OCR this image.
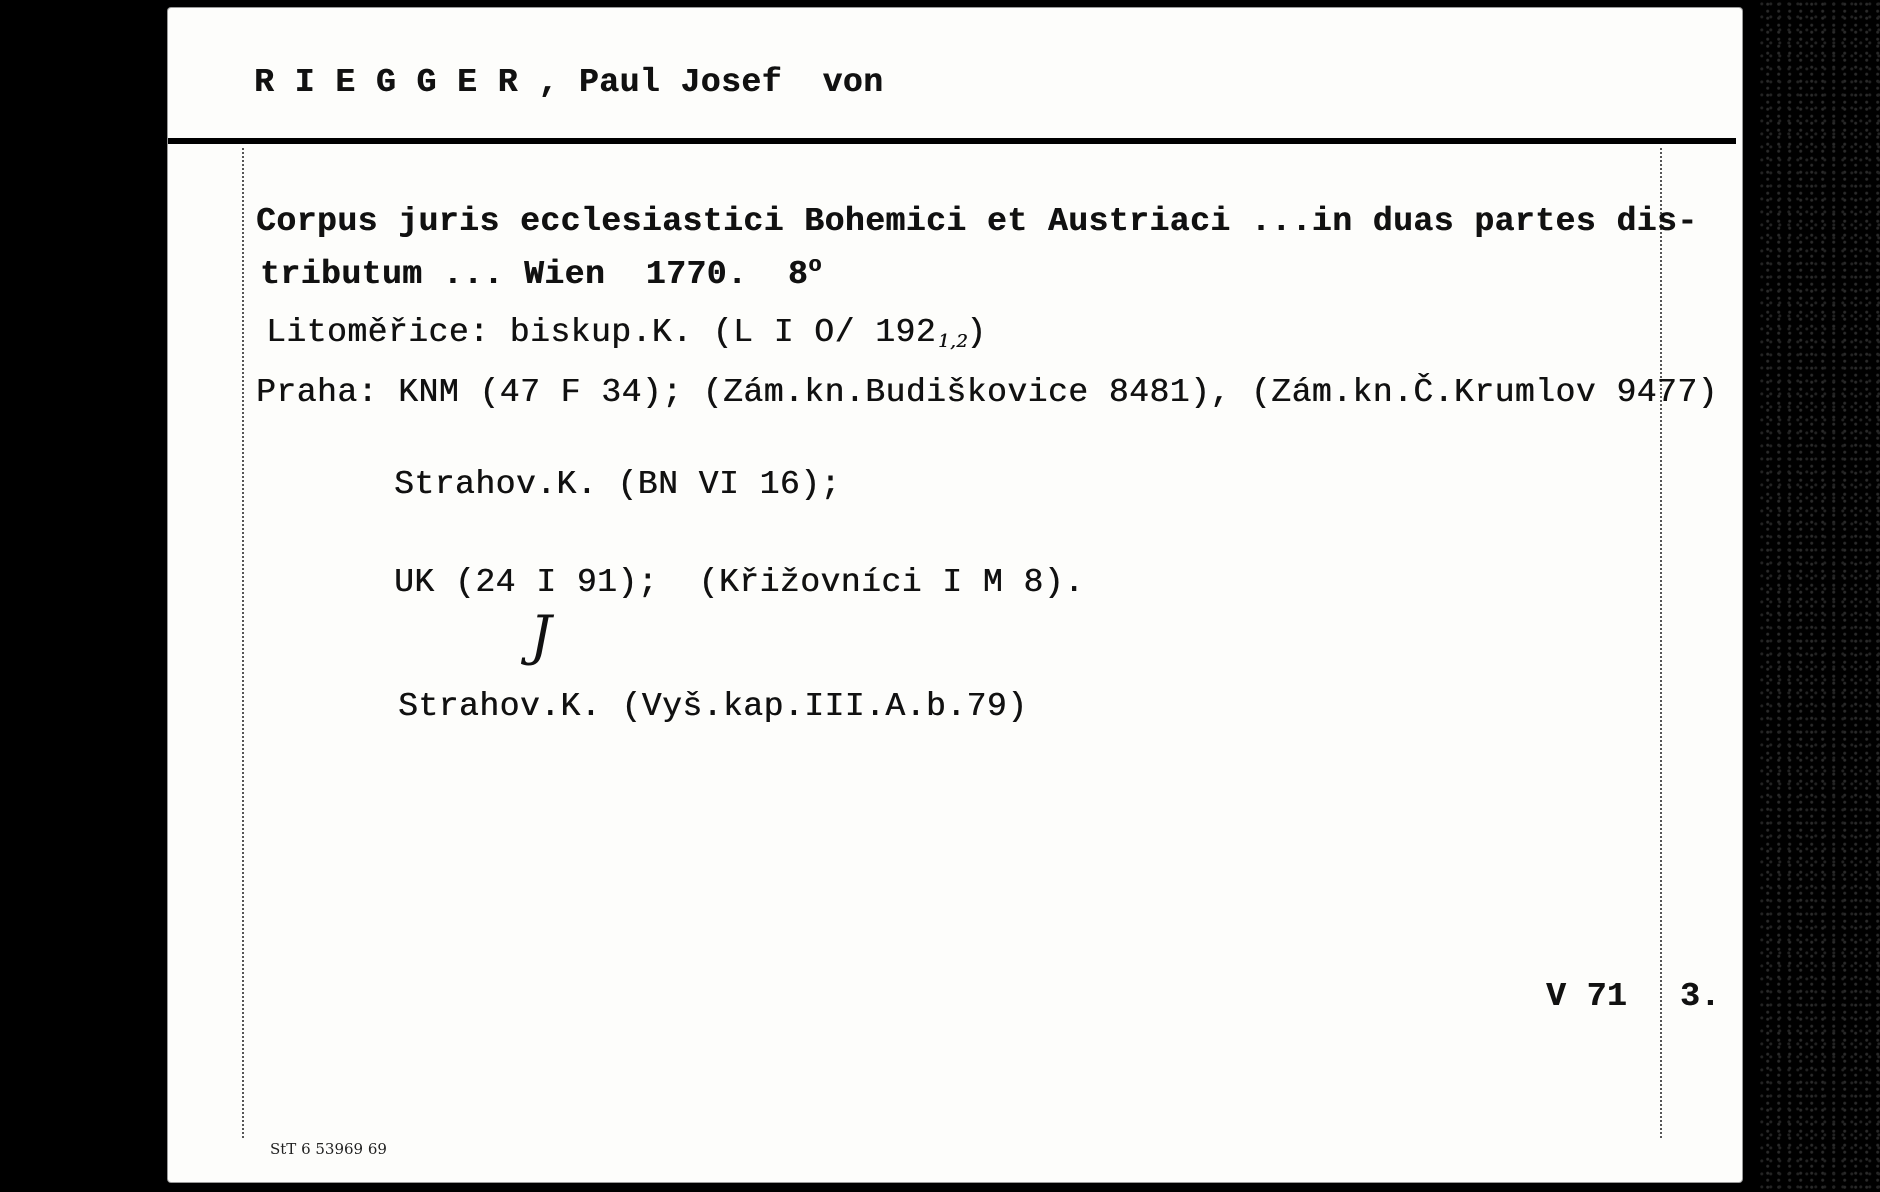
R I E G G E R , Paul Josef  von
Corpus juris ecclesiastici Bohemici et Austriaci ...in duas partes dis-
tributum ... Wien  1770.  8$^o$
Litoměřice: biskup.K. (L I O/ 192 1,2)
Praha: KNM (47 F 34); (Zám.kn.Budiškovice 8481), (Zám.kn.Č.Krumlov 9477)
Strahov.K. (BN VI 16);
UK (24 I 91);  (Křižovníci I M 8).
J
Strahov.K. (Vyš.kap.III.A.b.79)
V 71 3.
StT 6 53969 69
